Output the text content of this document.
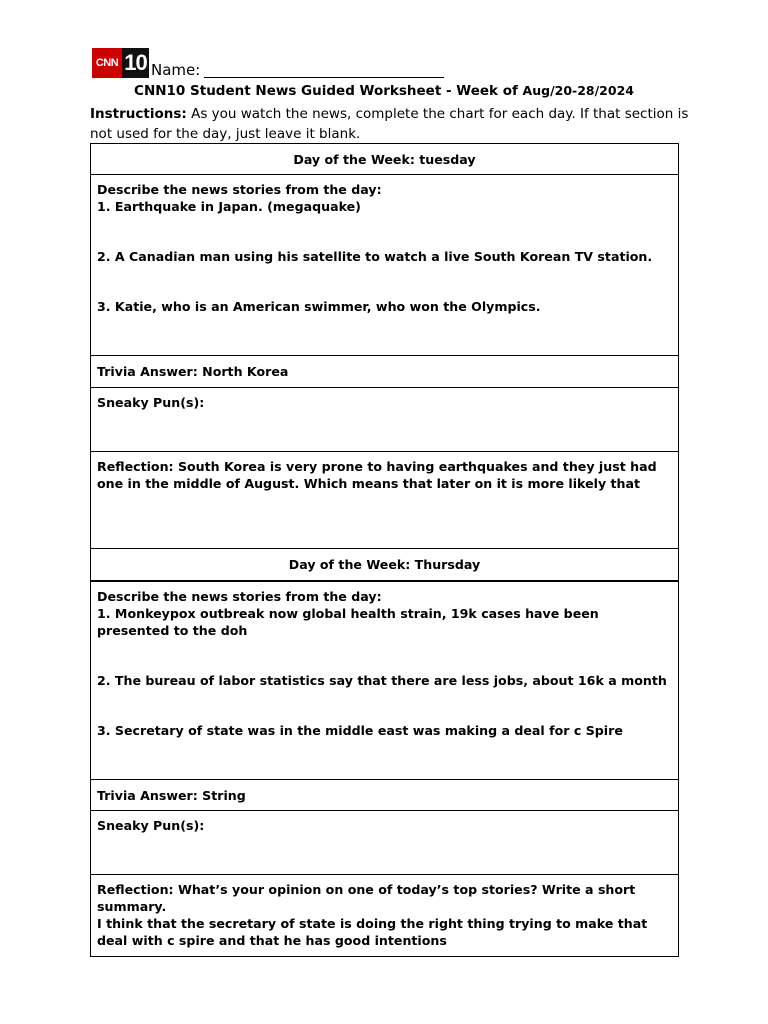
CNN 10 Name:
CNN10 Student News Guided Worksheet - Week of Aug/20-28/2024
Instructions: As you watch the news, complete the chart for each day. If that section is not used for the day, just leave it blank.
Day of the Week: tuesday

Describe the news stories from the day:
1. Earthquake in Japan. (megaquake)
2. A Canadian man using his satellite to watch a live South Korean TV station.
3. Katie, who is an American swimmer, who won the Olympics.

Trivia Answer: North Korea
Sneaky Pun(s):

Reflection: South Korea is very prone to having earthquakes and they just had one in the middle of August. Which means that later on it is more likely that

Day of the Week: Thursday

Describe the news stories from the day:
1. Monkeypox outbreak now global health strain, 19k cases have been presented to the doh
2. The bureau of labor statistics say that there are less jobs, about 16k a month
3. Secretary of state was in the middle east was making a deal for c Spire

Trivia Answer: String
Sneaky Pun(s):

Reflection: What’s your opinion on one of today’s top stories? Write a short summary.
I think that the secretary of state is doing the right thing trying to make that deal with c spire and that he has good intentions
